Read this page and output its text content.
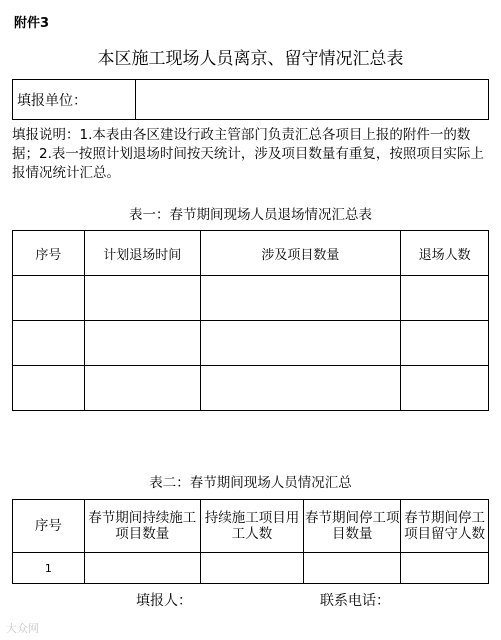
附件3
本区施工现场人员离京、留守情况汇总表
填报单位：	
填报说明：1.本表由各区建设行政主管部门负责汇总各项目上报的附件一的数据；2.表一按照计划退场时间按天统计，涉及项目数量有重复，按照项目实际上报情况统计汇总。
表一：春节期间现场人员退场情况汇总表
序号	计划退场时间	涉及项目数量	退场人数

表二：春节期间现场人员情况汇总
序号	春节期间持续施工项目数量	持续施工项目用工人数	春节期间停工项目数量	春节期间停工项目留守人数
1				
填报人：	联系电话：
大众网
